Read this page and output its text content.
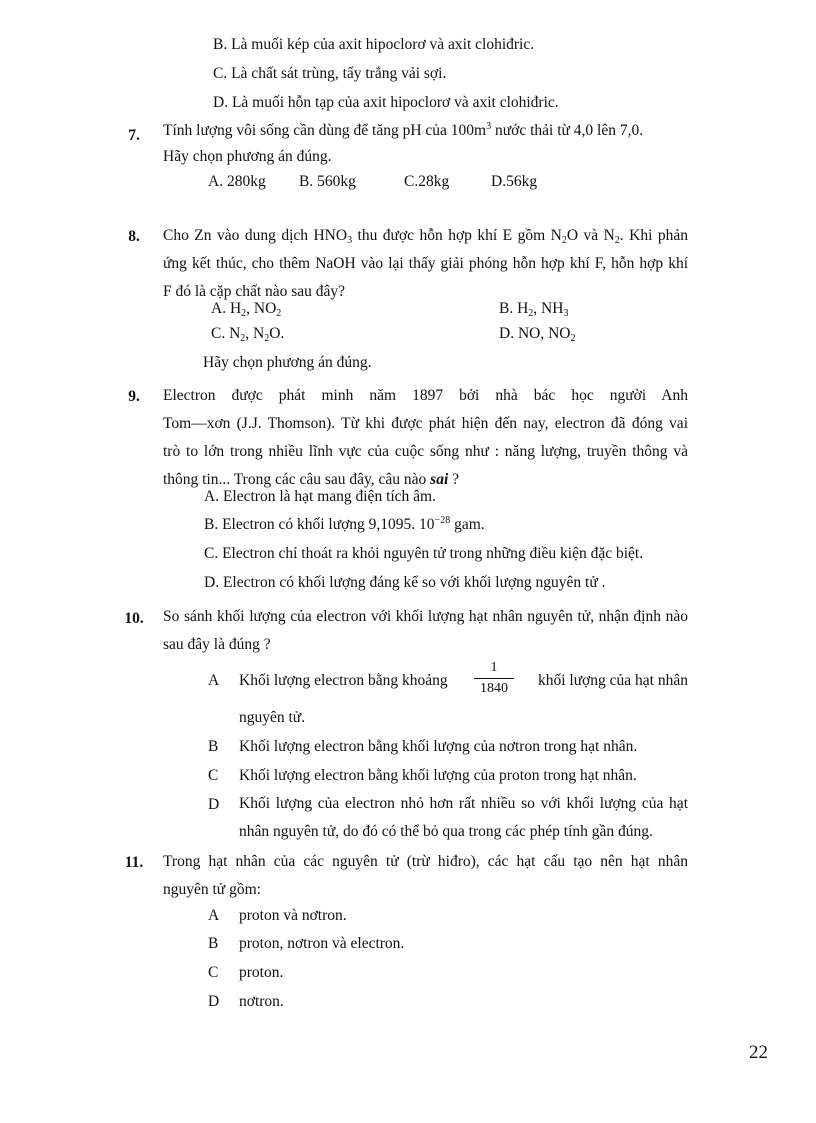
B. Là muối kép của axit hipoclorơ và axit clohiđric.
C. Là chất sát trùng, tẩy trắng vải sợi.
D. Là muối hỗn tạp của axit hipoclorơ và axit clohiđric.
7.	Tính lượng vôi sống cần dùng để tăng pH của $100m^3$ nước thải từ 4,0 lên 7,0.
Hãy chọn phương án đúng.
A. 280kg B. 560kg	C.28kg	D.56kg
8.	Cho Zn vào dung dịch $HNO_3$ thu được hỗn hợp khí E gồm $N_2O$ và $N_2$. Khi phản
ứng kết thúc, cho thêm NaOH vào lại thấy giải phóng hỗn hợp khí F, hỗn hợp khí
F đó là cặp chất nào sau đây?
A. $H_2$, $NO_2$	B. $H_2$, $NH_3$
C. $N_2$, $N_2O$.	D. NO, $NO_2$
Hãy chọn phương án đúng.
9.	Electron được phát minh năm 1897 bởi nhà bác học người Anh
Tom—xơn (J.J. Thomson). Từ khi được phát hiện đến nay, electron đã đóng vai
trò to lớn trong nhiều lĩnh vực của cuộc sống như : năng lượng, truyền thông và
thông tin... Trong các câu sau đây, câu nào sai ?
A. Electron là hạt mang điện tích âm.
B. Electron có khối lượng 9,1095. $10^{-28}$ gam.
C. Electron chỉ thoát ra khỏi nguyên tử trong những điều kiện đặc biệt.
D. Electron có khối lượng đáng kể so với khối lượng nguyên tử .
10.	So sánh khối lượng của electron với khối lượng hạt nhân nguyên tử, nhận định nào
sau đây là đúng ?
A Khối lượng electron bằng khoảng
1
1840	khối lượng của hạt nhân
nguyên tử.
B Khối lượng electron bằng khối lượng của nơtron trong hạt nhân.
C Khối lượng electron bằng khối lượng của proton trong hạt nhân.
D Khối lượng của electron nhỏ hơn rất nhiều so với khối lượng của hạt
nhân nguyên tử, do đó có thể bỏ qua trong các phép tính gần đúng.
11.	Trong hạt nhân của các nguyên tử (trừ hiđro), các hạt cấu tạo nên hạt nhân
nguyên tử gồm:
A proton và nơtron.
B proton, nơtron và electron.
C proton.
D nơtron.
22
